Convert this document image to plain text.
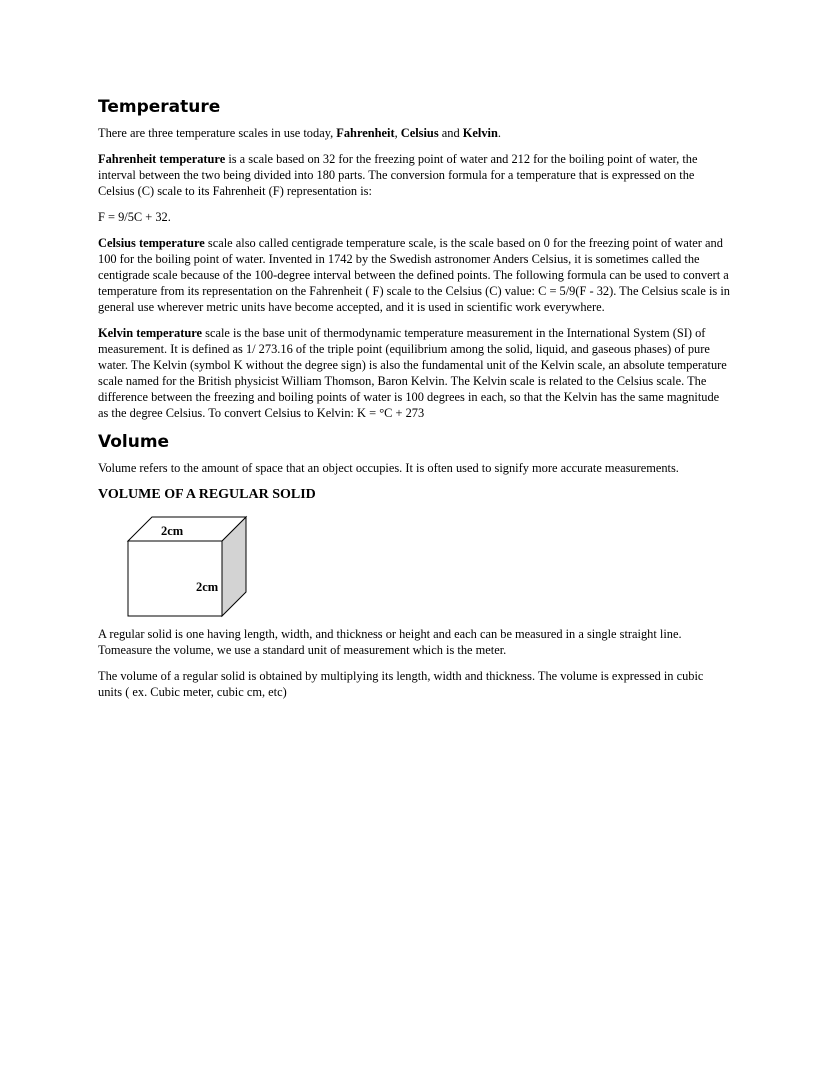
Temperature

There are three temperature scales in use today, Fahrenheit, Celsius and Kelvin.

Fahrenheit temperature is a scale based on 32 for the freezing point of water and 212 for the boiling point of water, the interval between the two being divided into 180 parts. The conversion formula for a temperature that is expressed on the Celsius (C) scale to its Fahrenheit (F) representation is:

F = 9/5C + 32.

Celsius temperature scale also called centigrade temperature scale, is the scale based on 0 for the freezing point of water and 100 for the boiling point of water. Invented in 1742 by the Swedish astronomer Anders Celsius, it is sometimes called the centigrade scale because of the 100-degree interval between the defined points. The following formula can be used to convert a temperature from its representation on the Fahrenheit ( F) scale to the Celsius (C) value: C = 5/9(F - 32). The Celsius scale is in general use wherever metric units have become accepted, and it is used in scientific work everywhere.

Kelvin temperature scale is the base unit of thermodynamic temperature measurement in the International System (SI) of measurement. It is defined as 1/ 273.16 of the triple point (equilibrium among the solid, liquid, and gaseous phases) of pure water. The Kelvin (symbol K without the degree sign) is also the fundamental unit of the Kelvin scale, an absolute temperature scale named for the British physicist William Thomson, Baron Kelvin. The Kelvin scale is related to the Celsius scale. The difference between the freezing and boiling points of water is 100 degrees in each, so that the Kelvin has the same magnitude as the degree Celsius. To convert Celsius to Kelvin: K = °C + 273

Volume

Volume refers to the amount of space that an object occupies. It is often used to signify more accurate measurements.

VOLUME OF A REGULAR SOLID
2cm
2cm

A regular solid is one having length, width, and thickness or height and each can be measured in a single straight line. Tomeasure the volume, we use a standard unit of measurement which is the meter.

The volume of a regular solid is obtained by multiplying its length, width and thickness. The volume is expressed in cubic units ( ex. Cubic meter, cubic cm, etc)
